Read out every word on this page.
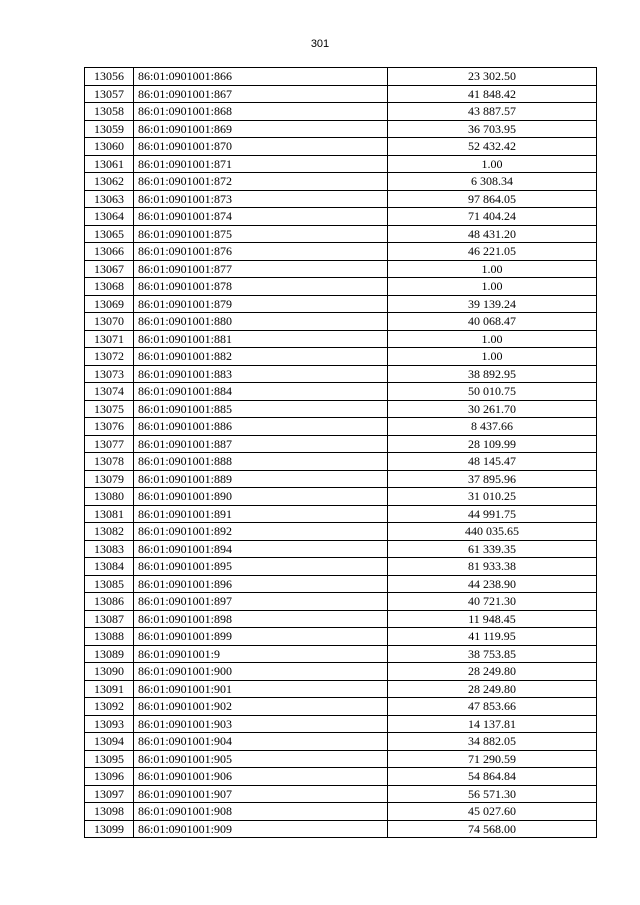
301
13056	86:01:0901001:866	23 302.50
13057	86:01:0901001:867	41 848.42
13058	86:01:0901001:868	43 887.57
13059	86:01:0901001:869	36 703.95
13060	86:01:0901001:870	52 432.42
13061	86:01:0901001:871	1.00
13062	86:01:0901001:872	6 308.34
13063	86:01:0901001:873	97 864.05
13064	86:01:0901001:874	71 404.24
13065	86:01:0901001:875	48 431.20
13066	86:01:0901001:876	46 221.05
13067	86:01:0901001:877	1.00
13068	86:01:0901001:878	1.00
13069	86:01:0901001:879	39 139.24
13070	86:01:0901001:880	40 068.47
13071	86:01:0901001:881	1.00
13072	86:01:0901001:882	1.00
13073	86:01:0901001:883	38 892.95
13074	86:01:0901001:884	50 010.75
13075	86:01:0901001:885	30 261.70
13076	86:01:0901001:886	8 437.66
13077	86:01:0901001:887	28 109.99
13078	86:01:0901001:888	48 145.47
13079	86:01:0901001:889	37 895.96
13080	86:01:0901001:890	31 010.25
13081	86:01:0901001:891	44 991.75
13082	86:01:0901001:892	440 035.65
13083	86:01:0901001:894	61 339.35
13084	86:01:0901001:895	81 933.38
13085	86:01:0901001:896	44 238.90
13086	86:01:0901001:897	40 721.30
13087	86:01:0901001:898	11 948.45
13088	86:01:0901001:899	41 119.95
13089	86:01:0901001:9	38 753.85
13090	86:01:0901001:900	28 249.80
13091	86:01:0901001:901	28 249.80
13092	86:01:0901001:902	47 853.66
13093	86:01:0901001:903	14 137.81
13094	86:01:0901001:904	34 882.05
13095	86:01:0901001:905	71 290.59
13096	86:01:0901001:906	54 864.84
13097	86:01:0901001:907	56 571.30
13098	86:01:0901001:908	45 027.60
13099	86:01:0901001:909	74 568.00
